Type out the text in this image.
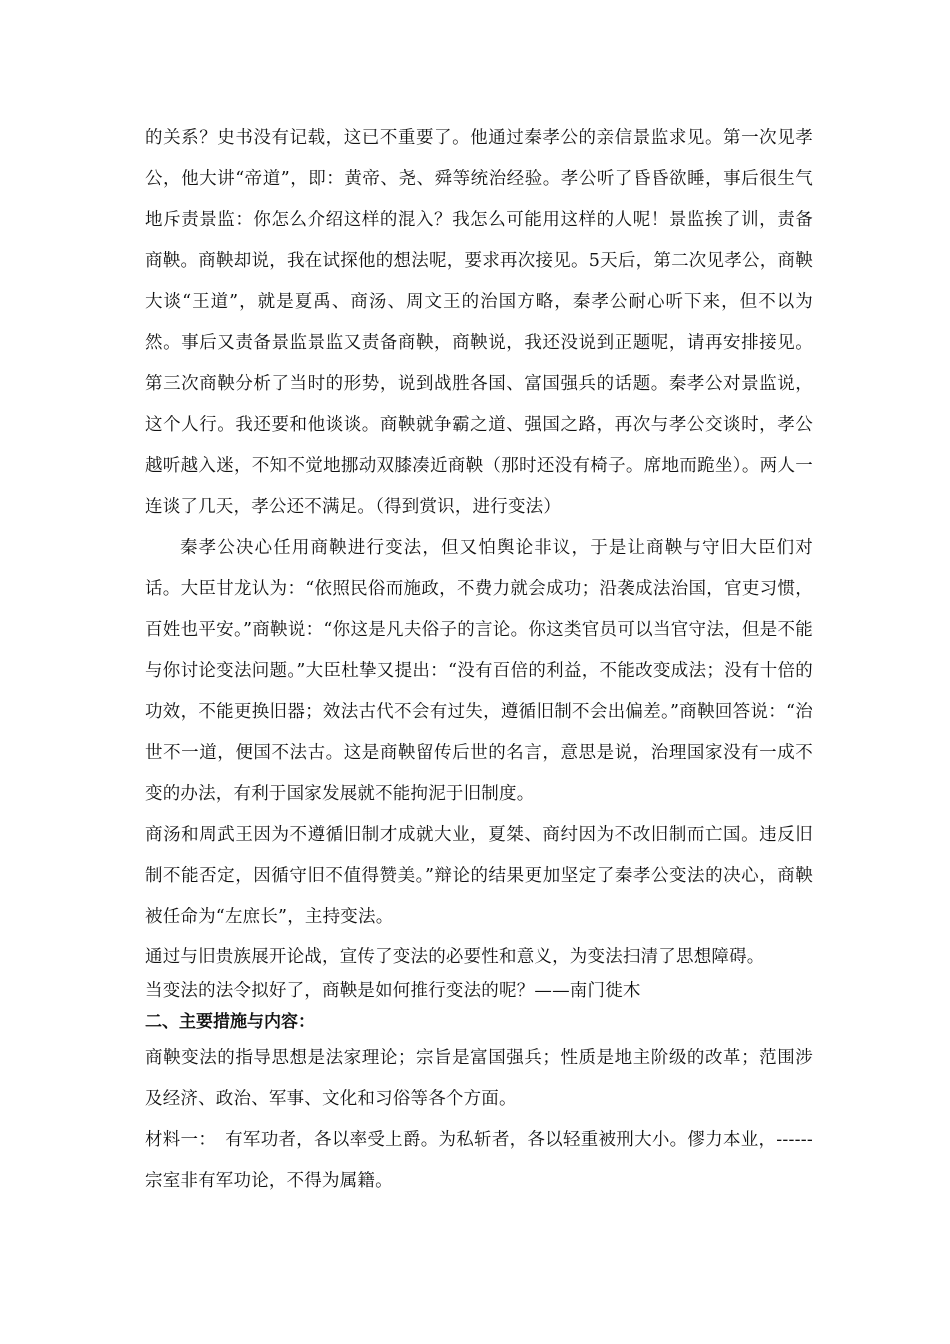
的关系？史书没有记载，这已不重要了。他通过秦孝公的亲信景监求见。第一次见孝公，他大讲“帝道”，即：黄帝、尧、舜等统治经验。孝公听了昏昏欲睡，事后很生气地斥责景监：你怎么介绍这样的混入？我怎么可能用这样的人呢！景监挨了训，责备商鞅。商鞅却说，我在试探他的想法呢，要求再次接见。5天后，第二次见孝公，商鞅大谈“王道”，就是夏禹、商汤、周文王的治国方略，秦孝公耐心听下来，但不以为然。事后又责备景监景监又责备商鞅，商鞅说，我还没说到正题呢，请再安排接见。第三次商鞅分析了当时的形势，说到战胜各国、富国强兵的话题。秦孝公对景监说，这个人行。我还要和他谈谈。商鞅就争霸之道、强国之路，再次与孝公交谈时，孝公越听越入迷，不知不觉地挪动双膝凑近商鞅（那时还没有椅子。席地而跪坐）。两人一连谈了几天，孝公还不满足。（得到赏识，进行变法）

秦孝公决心任用商鞅进行变法，但又怕舆论非议，于是让商鞅与守旧大臣们对话。大臣甘龙认为：“依照民俗而施政，不费力就会成功；沿袭成法治国，官吏习惯，百姓也平安。”商鞅说：“你这是凡夫俗子的言论。你这类官员可以当官守法，但是不能与你讨论变法问题。”大臣杜挚又提出：“没有百倍的利益，不能改变成法；没有十倍的功效，不能更换旧器；效法古代不会有过失，遵循旧制不会出偏差。”商鞅回答说：“治世不一道，便国不法古。这是商鞅留传后世的名言，意思是说，治理国家没有一成不变的办法，有利于国家发展就不能拘泥于旧制度。

商汤和周武王因为不遵循旧制才成就大业，夏桀、商纣因为不改旧制而亡国。违反旧制不能否定，因循守旧不值得赞美。”辩论的结果更加坚定了秦孝公变法的决心，商鞅被任命为“左庶长”，主持变法。

通过与旧贵族展开论战，宣传了变法的必要性和意义，为变法扫清了思想障碍。

当变法的法令拟好了，商鞅是如何推行变法的呢？——南门徙木

二、主要措施与内容：

商鞅变法的指导思想是法家理论；宗旨是富国强兵；性质是地主阶级的改革；范围涉及经济、政治、军事、文化和习俗等各个方面。

材料一：　有军功者，各以率受上爵。为私斩者，各以轻重被刑大小。僇力本业，------宗室非有军功论，不得为属籍。
